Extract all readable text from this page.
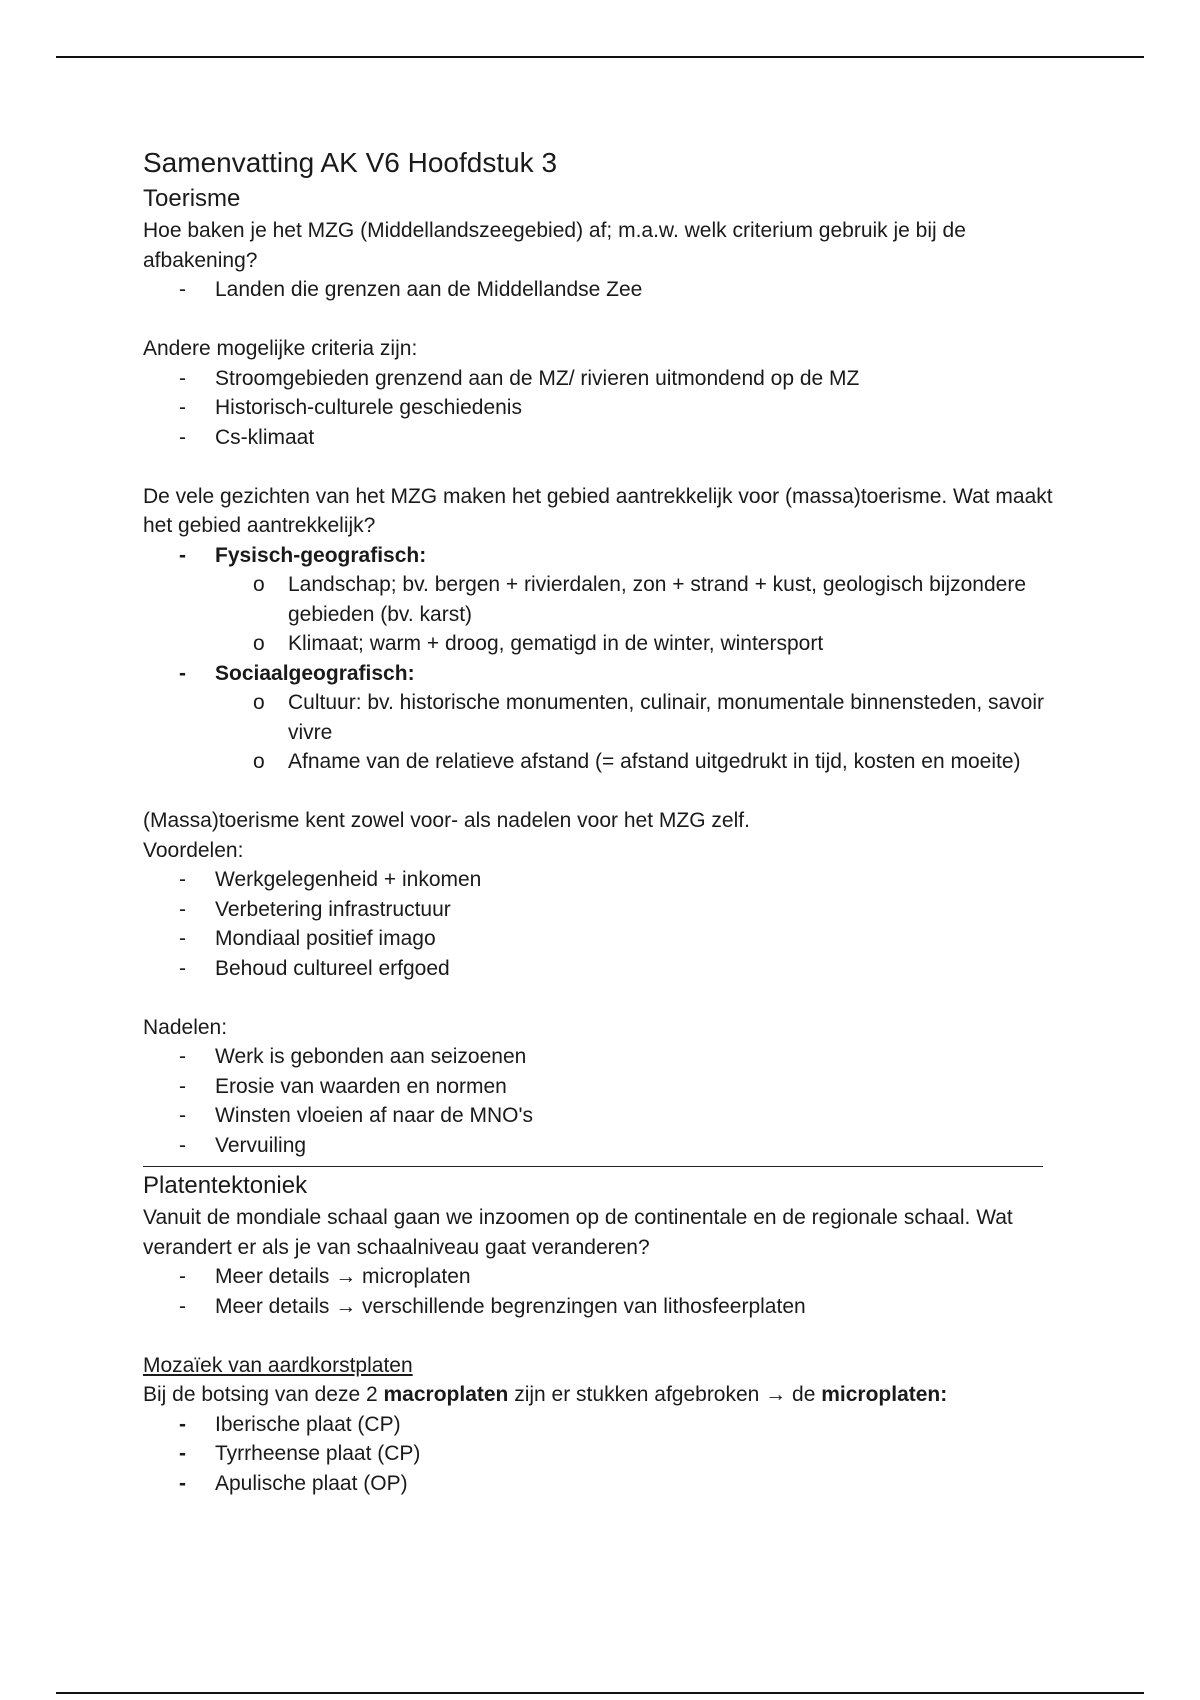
Samenvatting AK V6 Hoofdstuk 3
Toerisme

Hoe baken je het MZG (Middellandszeegebied) af; m.a.w. welk criterium gebruik je bij de afbakening?

- Landen die grenzen aan de Middellandse Zee

Andere mogelijke criteria zijn:

- Stroomgebieden grenzend aan de MZ/ rivieren uitmondend op de MZ
- Historisch-culturele geschiedenis
- Cs-klimaat

De vele gezichten van het MZG maken het gebied aantrekkelijk voor (massa)toerisme. Wat maakt het gebied aantrekkelijk?

- Fysisch-geografisch:
o Landschap; bv. bergen + rivierdalen, zon + strand + kust, geologisch bijzondere gebieden (bv. karst)
o Klimaat; warm + droog, gematigd in de winter, wintersport
- Sociaalgeografisch:
o Cultuur: bv. historische monumenten, culinair, monumentale binnensteden, savoir vivre
o Afname van de relatieve afstand (= afstand uitgedrukt in tijd, kosten en moeite)

(Massa)toerisme kent zowel voor- als nadelen voor het MZG zelf.

Voordelen:

- Werkgelegenheid + inkomen
- Verbetering infrastructuur
- Mondiaal positief imago
- Behoud cultureel erfgoed

Nadelen:

- Werk is gebonden aan seizoenen
- Erosie van waarden en normen
- Winsten vloeien af naar de MNO's
- Vervuiling
Platentektoniek

Vanuit de mondiale schaal gaan we inzoomen op de continentale en de regionale schaal. Wat verandert er als je van schaalniveau gaat veranderen?

- Meer details → microplaten
- Meer details → verschillende begrenzingen van lithosfeerplaten

Mozaïek van aardkorstplaten

Bij de botsing van deze 2 macroplaten zijn er stukken afgebroken → de microplaten:

- Iberische plaat (CP)
- Tyrrheense plaat (CP)
- Apulische plaat (OP)
